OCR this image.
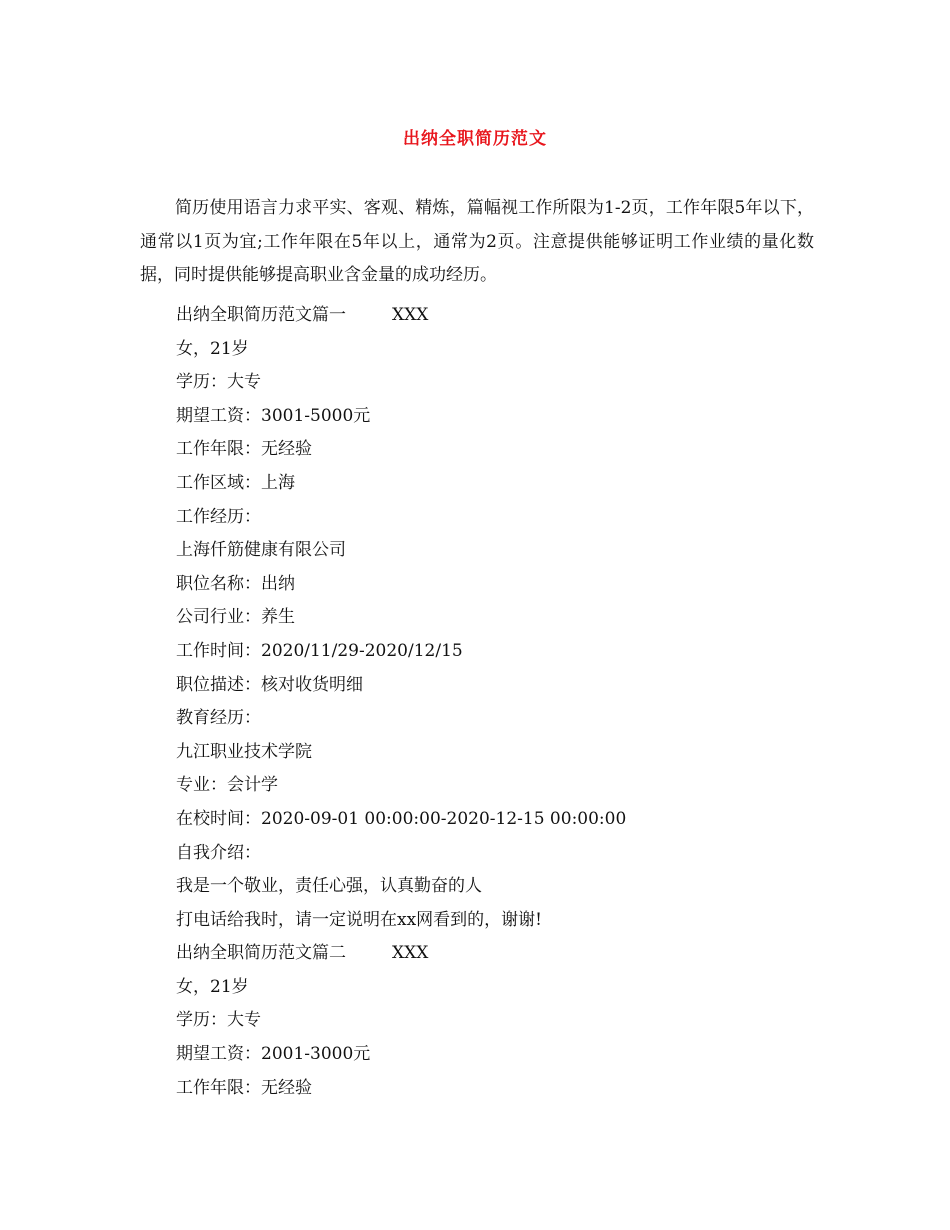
出纳全职简历范文

简历使用语言力求平实、客观、精炼，篇幅视工作所限为1-2页，工作年限5年以下，通常以1页为宜;工作年限在5年以上，通常为2页。注意提供能够证明工作业绩的量化数据，同时提供能够提高职业含金量的成功经历。

出纳全职简历范文篇一	XXX
女，21岁
学历：大专
期望工资：3001-5000元
工作年限：无经验
工作区域：上海
工作经历：
上海仟筋健康有限公司
职位名称：出纳
公司行业：养生
工作时间：2020/11/29-2020/12/15
职位描述：核对收货明细
教育经历：
九江职业技术学院
专业：会计学
在校时间：2020-09-01 00:00:00-2020-12-15 00:00:00
自我介绍：
我是一个敬业，责任心强，认真勤奋的人
打电话给我时，请一定说明在xx网看到的，谢谢!
出纳全职简历范文篇二	XXX
女，21岁
学历：大专
期望工资：2001-3000元
工作年限：无经验
